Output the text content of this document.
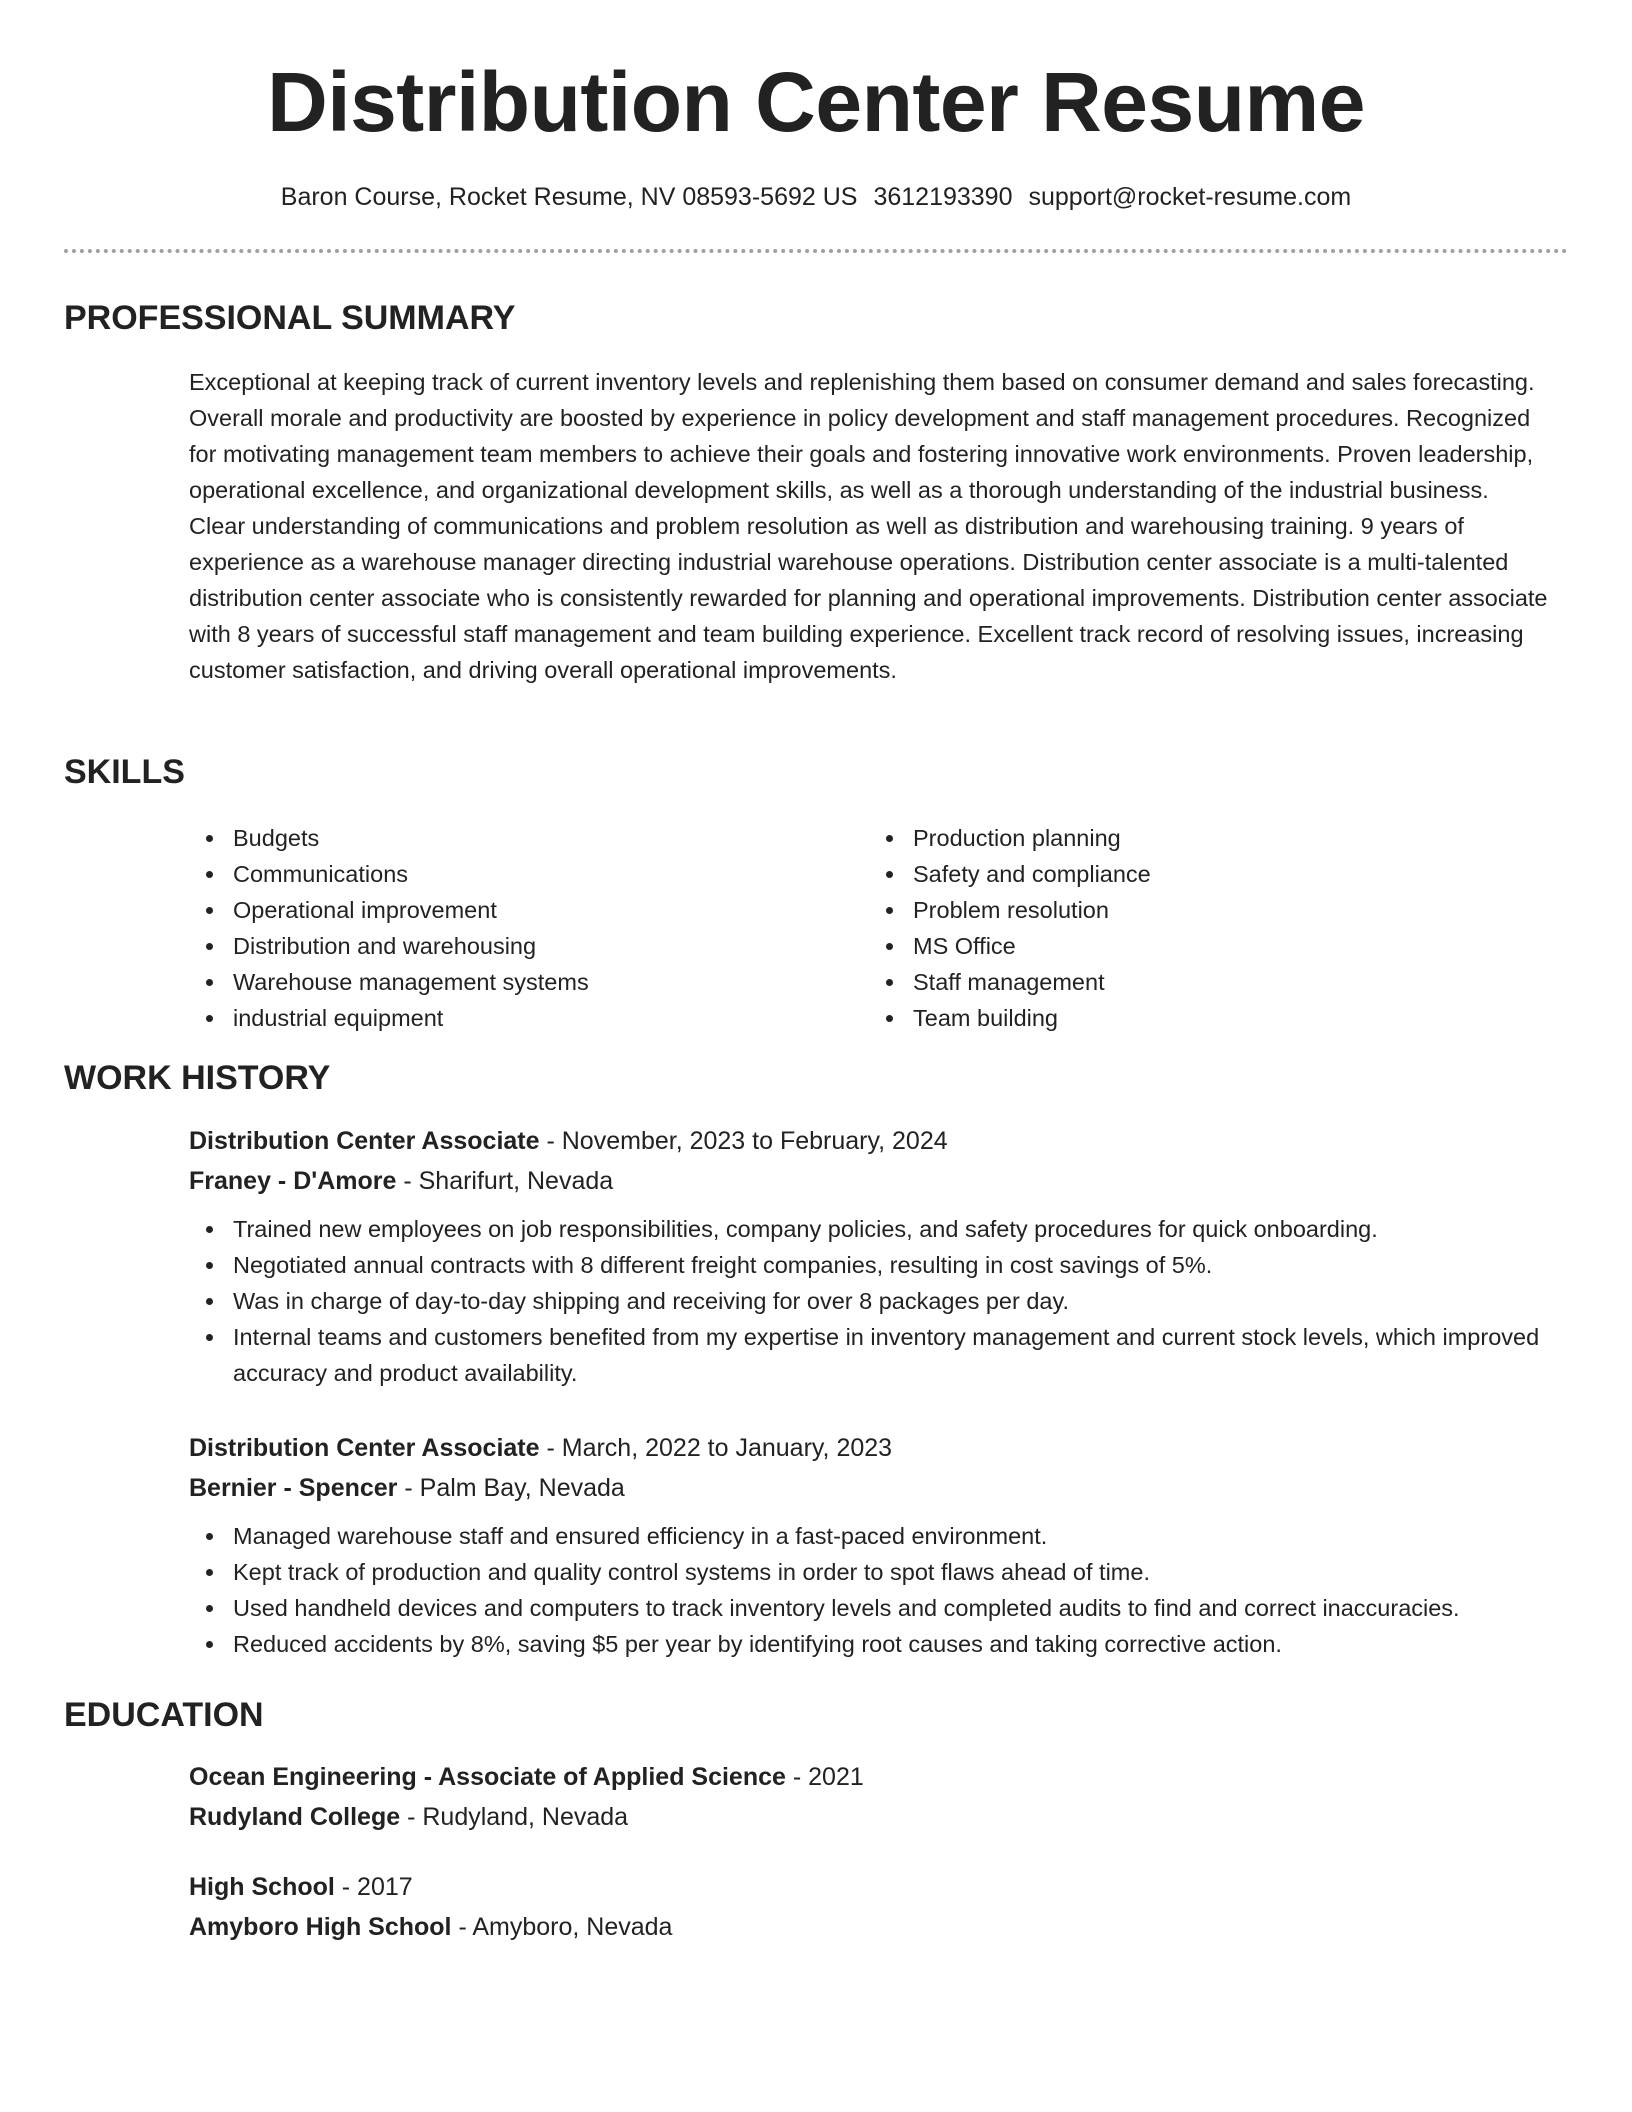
Distribution Center Resume
Baron Course, Rocket Resume, NV 08593-5692 US 3612193390 support@rocket-resume.com
PROFESSIONAL SUMMARY

Exceptional at keeping track of current inventory levels and replenishing them based on consumer demand and sales forecasting. Overall morale and productivity are boosted by experience in policy development and staff management procedures. Recognized for motivating management team members to achieve their goals and fostering innovative work environments. Proven leadership, operational excellence, and organizational development skills, as well as a thorough understanding of the industrial business. Clear understanding of communications and problem resolution as well as distribution and warehousing training. 9 years of experience as a warehouse manager directing industrial warehouse operations. Distribution center associate is a multi-talented distribution center associate who is consistently rewarded for planning and operational improvements. Distribution center associate with 8 years of successful staff management and team building experience. Excellent track record of resolving issues, increasing customer satisfaction, and driving overall operational improvements.

SKILLS
Budgets
Communications
Operational improvement
Distribution and warehousing
Warehouse management systems
industrial equipment
Production planning
Safety and compliance
Problem resolution
MS Office
Staff management
Team building
WORK HISTORY
Distribution Center Associate - November, 2023 to February, 2024
Franey - D'Amore - Sharifurt, Nevada
Trained new employees on job responsibilities, company policies, and safety procedures for quick onboarding.
Negotiated annual contracts with 8 different freight companies, resulting in cost savings of 5%.
Was in charge of day-to-day shipping and receiving for over 8 packages per day.
Internal teams and customers benefited from my expertise in inventory management and current stock levels, which improved accuracy and product availability.
Distribution Center Associate - March, 2022 to January, 2023
Bernier - Spencer - Palm Bay, Nevada
Managed warehouse staff and ensured efficiency in a fast-paced environment.
Kept track of production and quality control systems in order to spot flaws ahead of time.
Used handheld devices and computers to track inventory levels and completed audits to find and correct inaccuracies.
Reduced accidents by 8%, saving $5 per year by identifying root causes and taking corrective action.
EDUCATION
Ocean Engineering - Associate of Applied Science - 2021
Rudyland College - Rudyland, Nevada
High School - 2017
Amyboro High School - Amyboro, Nevada
